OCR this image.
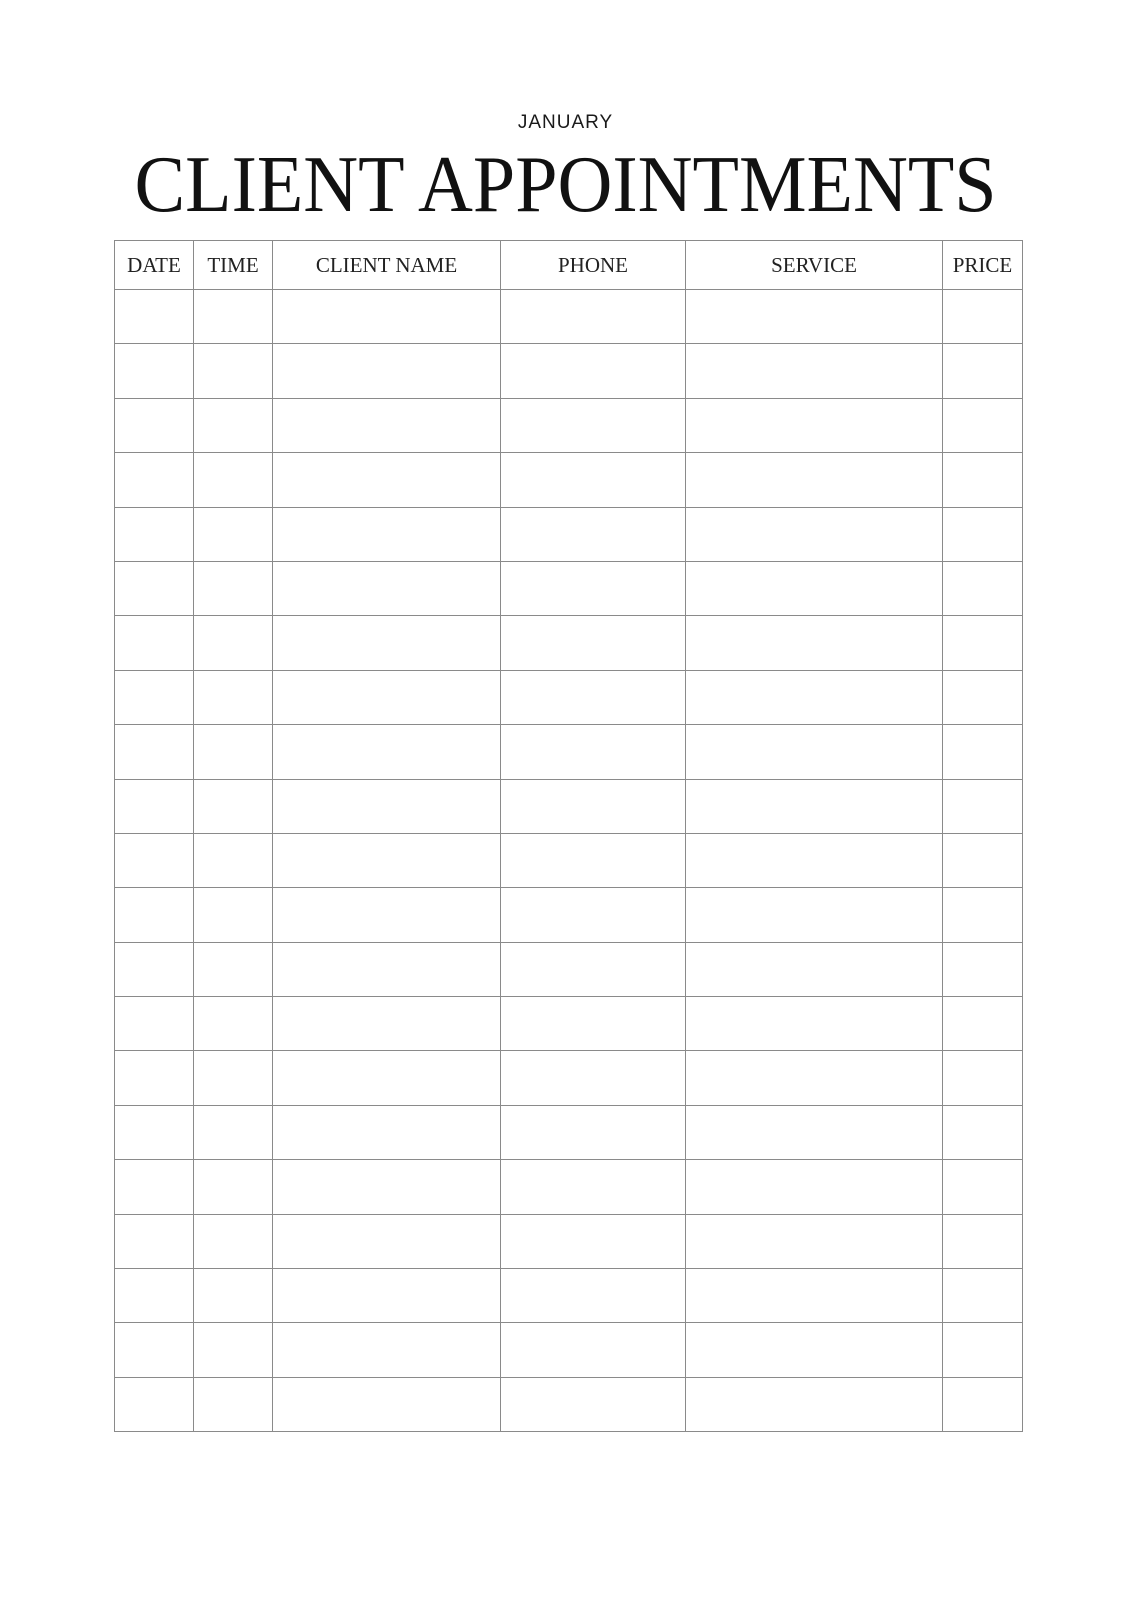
JANUARY
CLIENT APPOINTMENTS
DATE	TIME	CLIENT NAME	PHONE	SERVICE	PRICE
